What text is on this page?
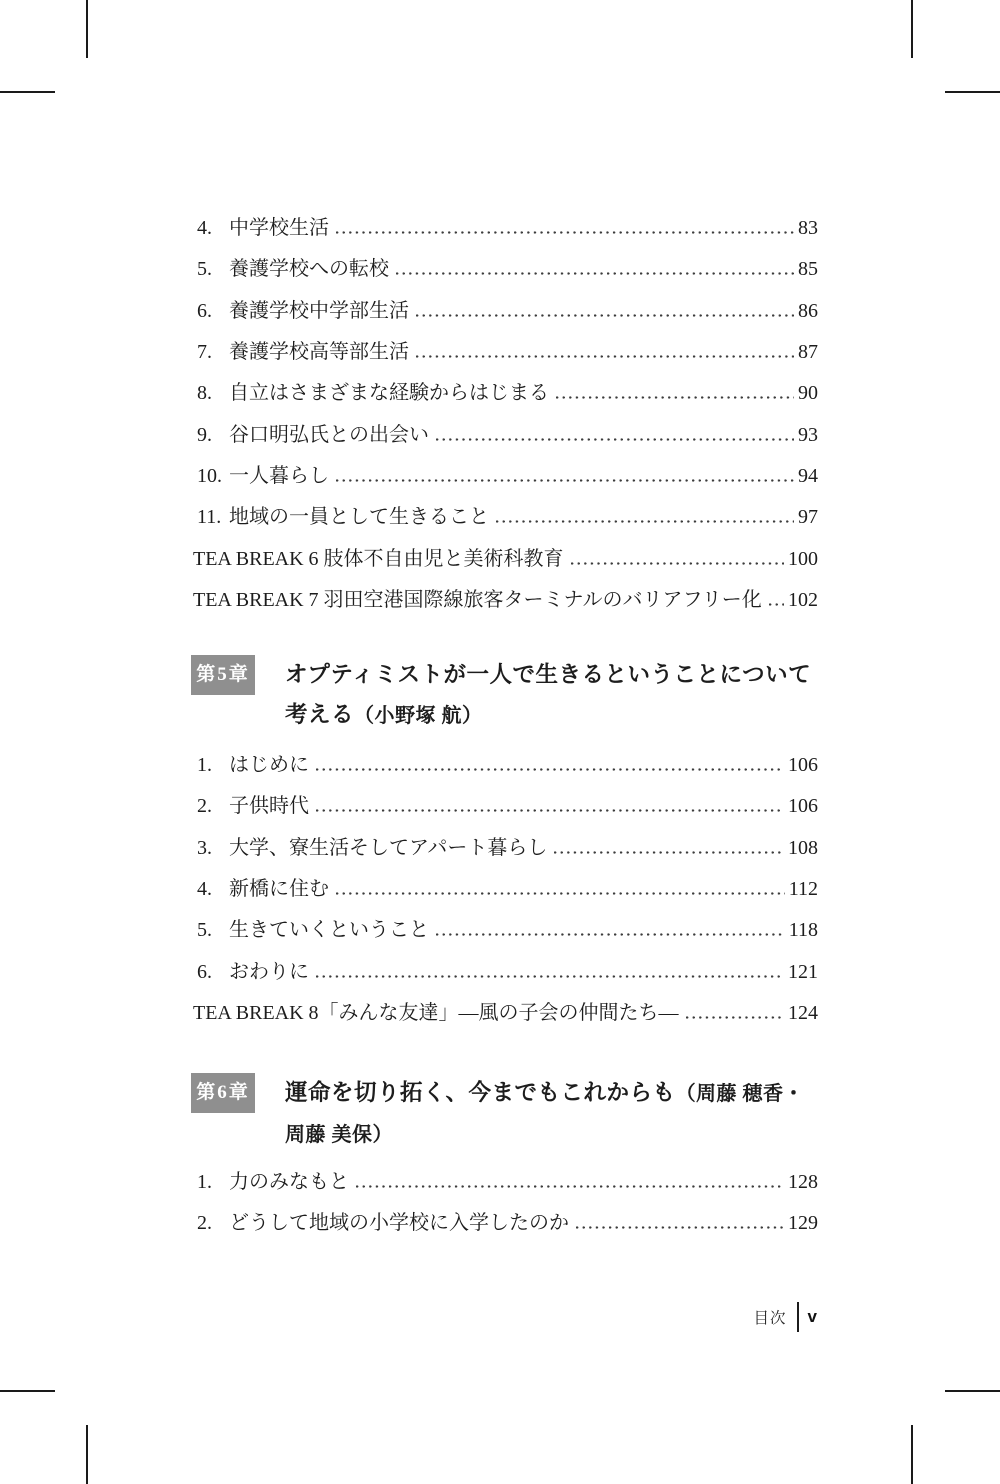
4. 中学校生活	83
5. 養護学校への転校	85
6. 養護学校中学部生活	86
7. 養護学校高等部生活	87
8. 自立はさまざまな経験からはじまる	90
9. 谷口明弘氏との出会い	93
10. 一人暮らし	94
11. 地域の一員として生きること	97
TEA BREAK 6 肢体不自由児と美術科教育	100
TEA BREAK 7 羽田空港国際線旅客ターミナルのバリアフリー化 102
第5章 オプティミストが一人で生きるということについて考える（小野塚 航）
1. はじめに	106
2. 子供時代	106
3. 大学、寮生活そしてアパート暮らし	108
4. 新橋に住む	112
5. 生きていくということ	118
6. おわりに	121
TEA BREAK 8「みんな友達」―風の子会の仲間たち―	124
第6章 運命を切り拓く、今までもこれからも（周藤 穂香・周藤 美保）
1. 力のみなもと	128
2. どうして地域の小学校に入学したのか	129
目次 v
